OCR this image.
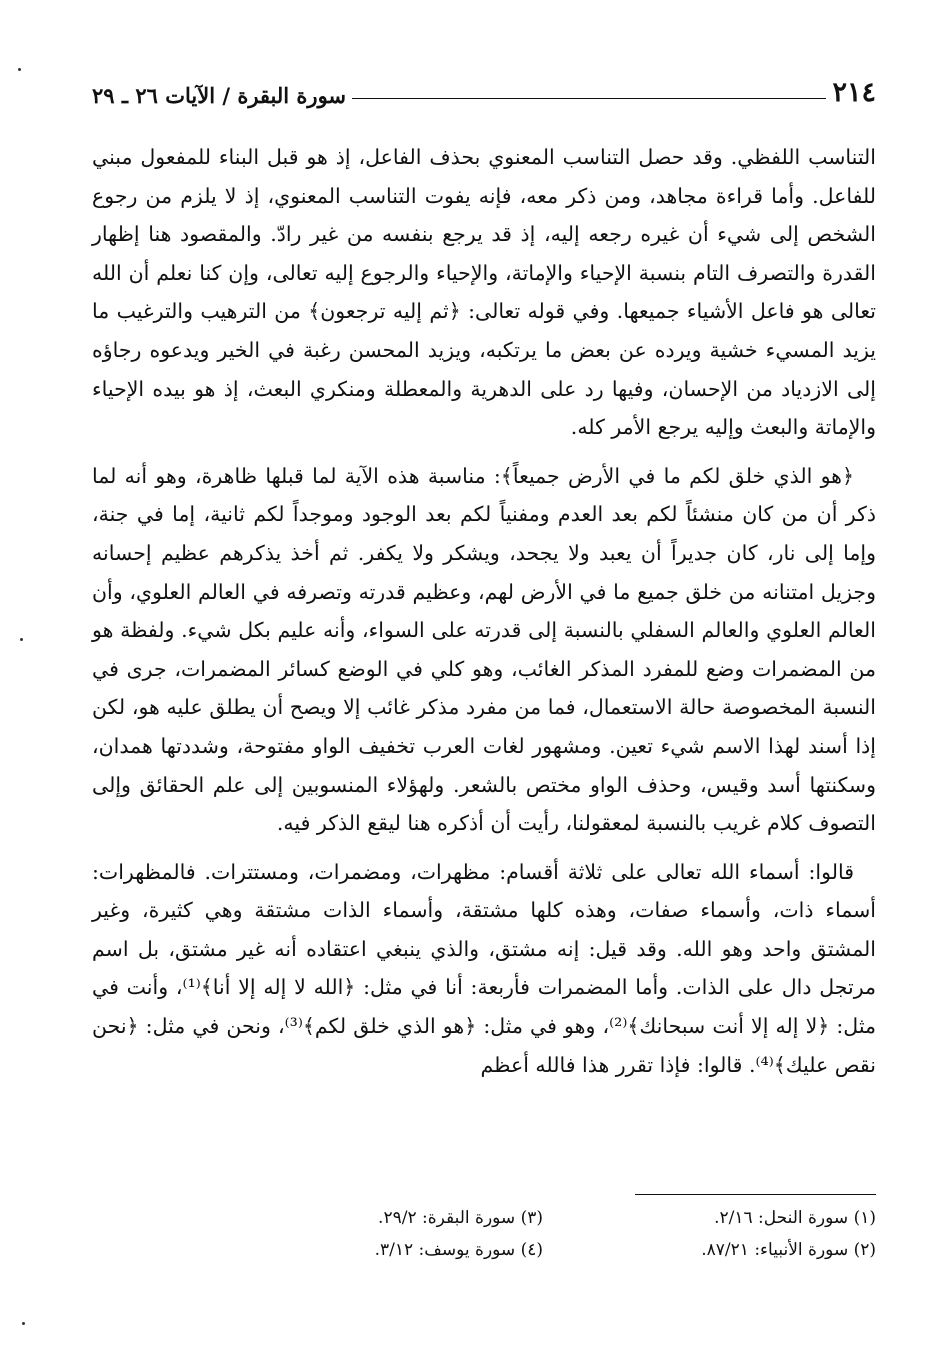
٢١٤
سورة البقرة / الآيات ٢٦ ـ ٢٩

التناسب اللفظي. وقد حصل التناسب المعنوي بحذف الفاعل، إذ هو قبل البناء للمفعول مبني للفاعل. وأما قراءة مجاهد، ومن ذكر معه، فإنه يفوت التناسب المعنوي، إذ لا يلزم من رجوع الشخص إلى شيء أن غيره رجعه إليه، إذ قد يرجع بنفسه من غير رادّ. والمقصود هنا إظهار القدرة والتصرف التام بنسبة الإحياء والإماتة، والإحياء والرجوع إليه تعالى، وإن كنا نعلم أن الله تعالى هو فاعل الأشياء جميعها. وفي قوله تعالى: ﴿ثم إليه ترجعون﴾ من الترهيب والترغيب ما يزيد المسيء خشية ويرده عن بعض ما يرتكبه، ويزيد المحسن رغبة في الخير ويدعوه رجاؤه إلى الازدياد من الإحسان، وفيها رد على الدهرية والمعطلة ومنكري البعث، إذ هو بيده الإحياء والإماتة والبعث وإليه يرجع الأمر كله.

﴿هو الذي خلق لكم ما في الأرض جميعاً﴾: مناسبة هذه الآية لما قبلها ظاهرة، وهو أنه لما ذكر أن من كان منشئاً لكم بعد العدم ومفنياً لكم بعد الوجود وموجداً لكم ثانية، إما في جنة، وإما إلى نار، كان جديراً أن يعبد ولا يجحد، ويشكر ولا يكفر. ثم أخذ يذكرهم عظيم إحسانه وجزيل امتنانه من خلق جميع ما في الأرض لهم، وعظيم قدرته وتصرفه في العالم العلوي، وأن العالم العلوي والعالم السفلي بالنسبة إلى قدرته على السواء، وأنه عليم بكل شيء. ولفظة هو من المضمرات وضع للمفرد المذكر الغائب، وهو كلي في الوضع كسائر المضمرات، جرى في النسبة المخصوصة حالة الاستعمال، فما من مفرد مذكر غائب إلا ويصح أن يطلق عليه هو، لكن إذا أسند لهذا الاسم شيء تعين. ومشهور لغات العرب تخفيف الواو مفتوحة، وشددتها همدان، وسكنتها أسد وقيس، وحذف الواو مختص بالشعر. ولهؤلاء المنسوبين إلى علم الحقائق وإلى التصوف كلام غريب بالنسبة لمعقولنا، رأيت أن أذكره هنا ليقع الذكر فيه.

قالوا: أسماء الله تعالى على ثلاثة أقسام: مظهرات، ومضمرات، ومستترات. فالمظهرات: أسماء ذات، وأسماء صفات، وهذه كلها مشتقة، وأسماء الذات مشتقة وهي كثيرة، وغير المشتق واحد وهو الله. وقد قيل: إنه مشتق، والذي ينبغي اعتقاده أنه غير مشتق، بل اسم مرتجل دال على الذات. وأما المضمرات فأربعة: أنا في مثل: ﴿الله لا إله إلا أنا﴾⁽¹⁾، وأنت في مثل: ﴿لا إله إلا أنت سبحانك﴾⁽²⁾، وهو في مثل: ﴿هو الذي خلق لكم﴾⁽³⁾، ونحن في مثل: ﴿نحن نقص عليك﴾⁽⁴⁾. قالوا: فإذا تقرر هذا فالله أعظم

(١) سورة النحل: ٢/١٦.
(٣) سورة البقرة: ٢٩/٢.
(٢) سورة الأنبياء: ٨٧/٢١.
(٤) سورة يوسف: ٣/١٢.
